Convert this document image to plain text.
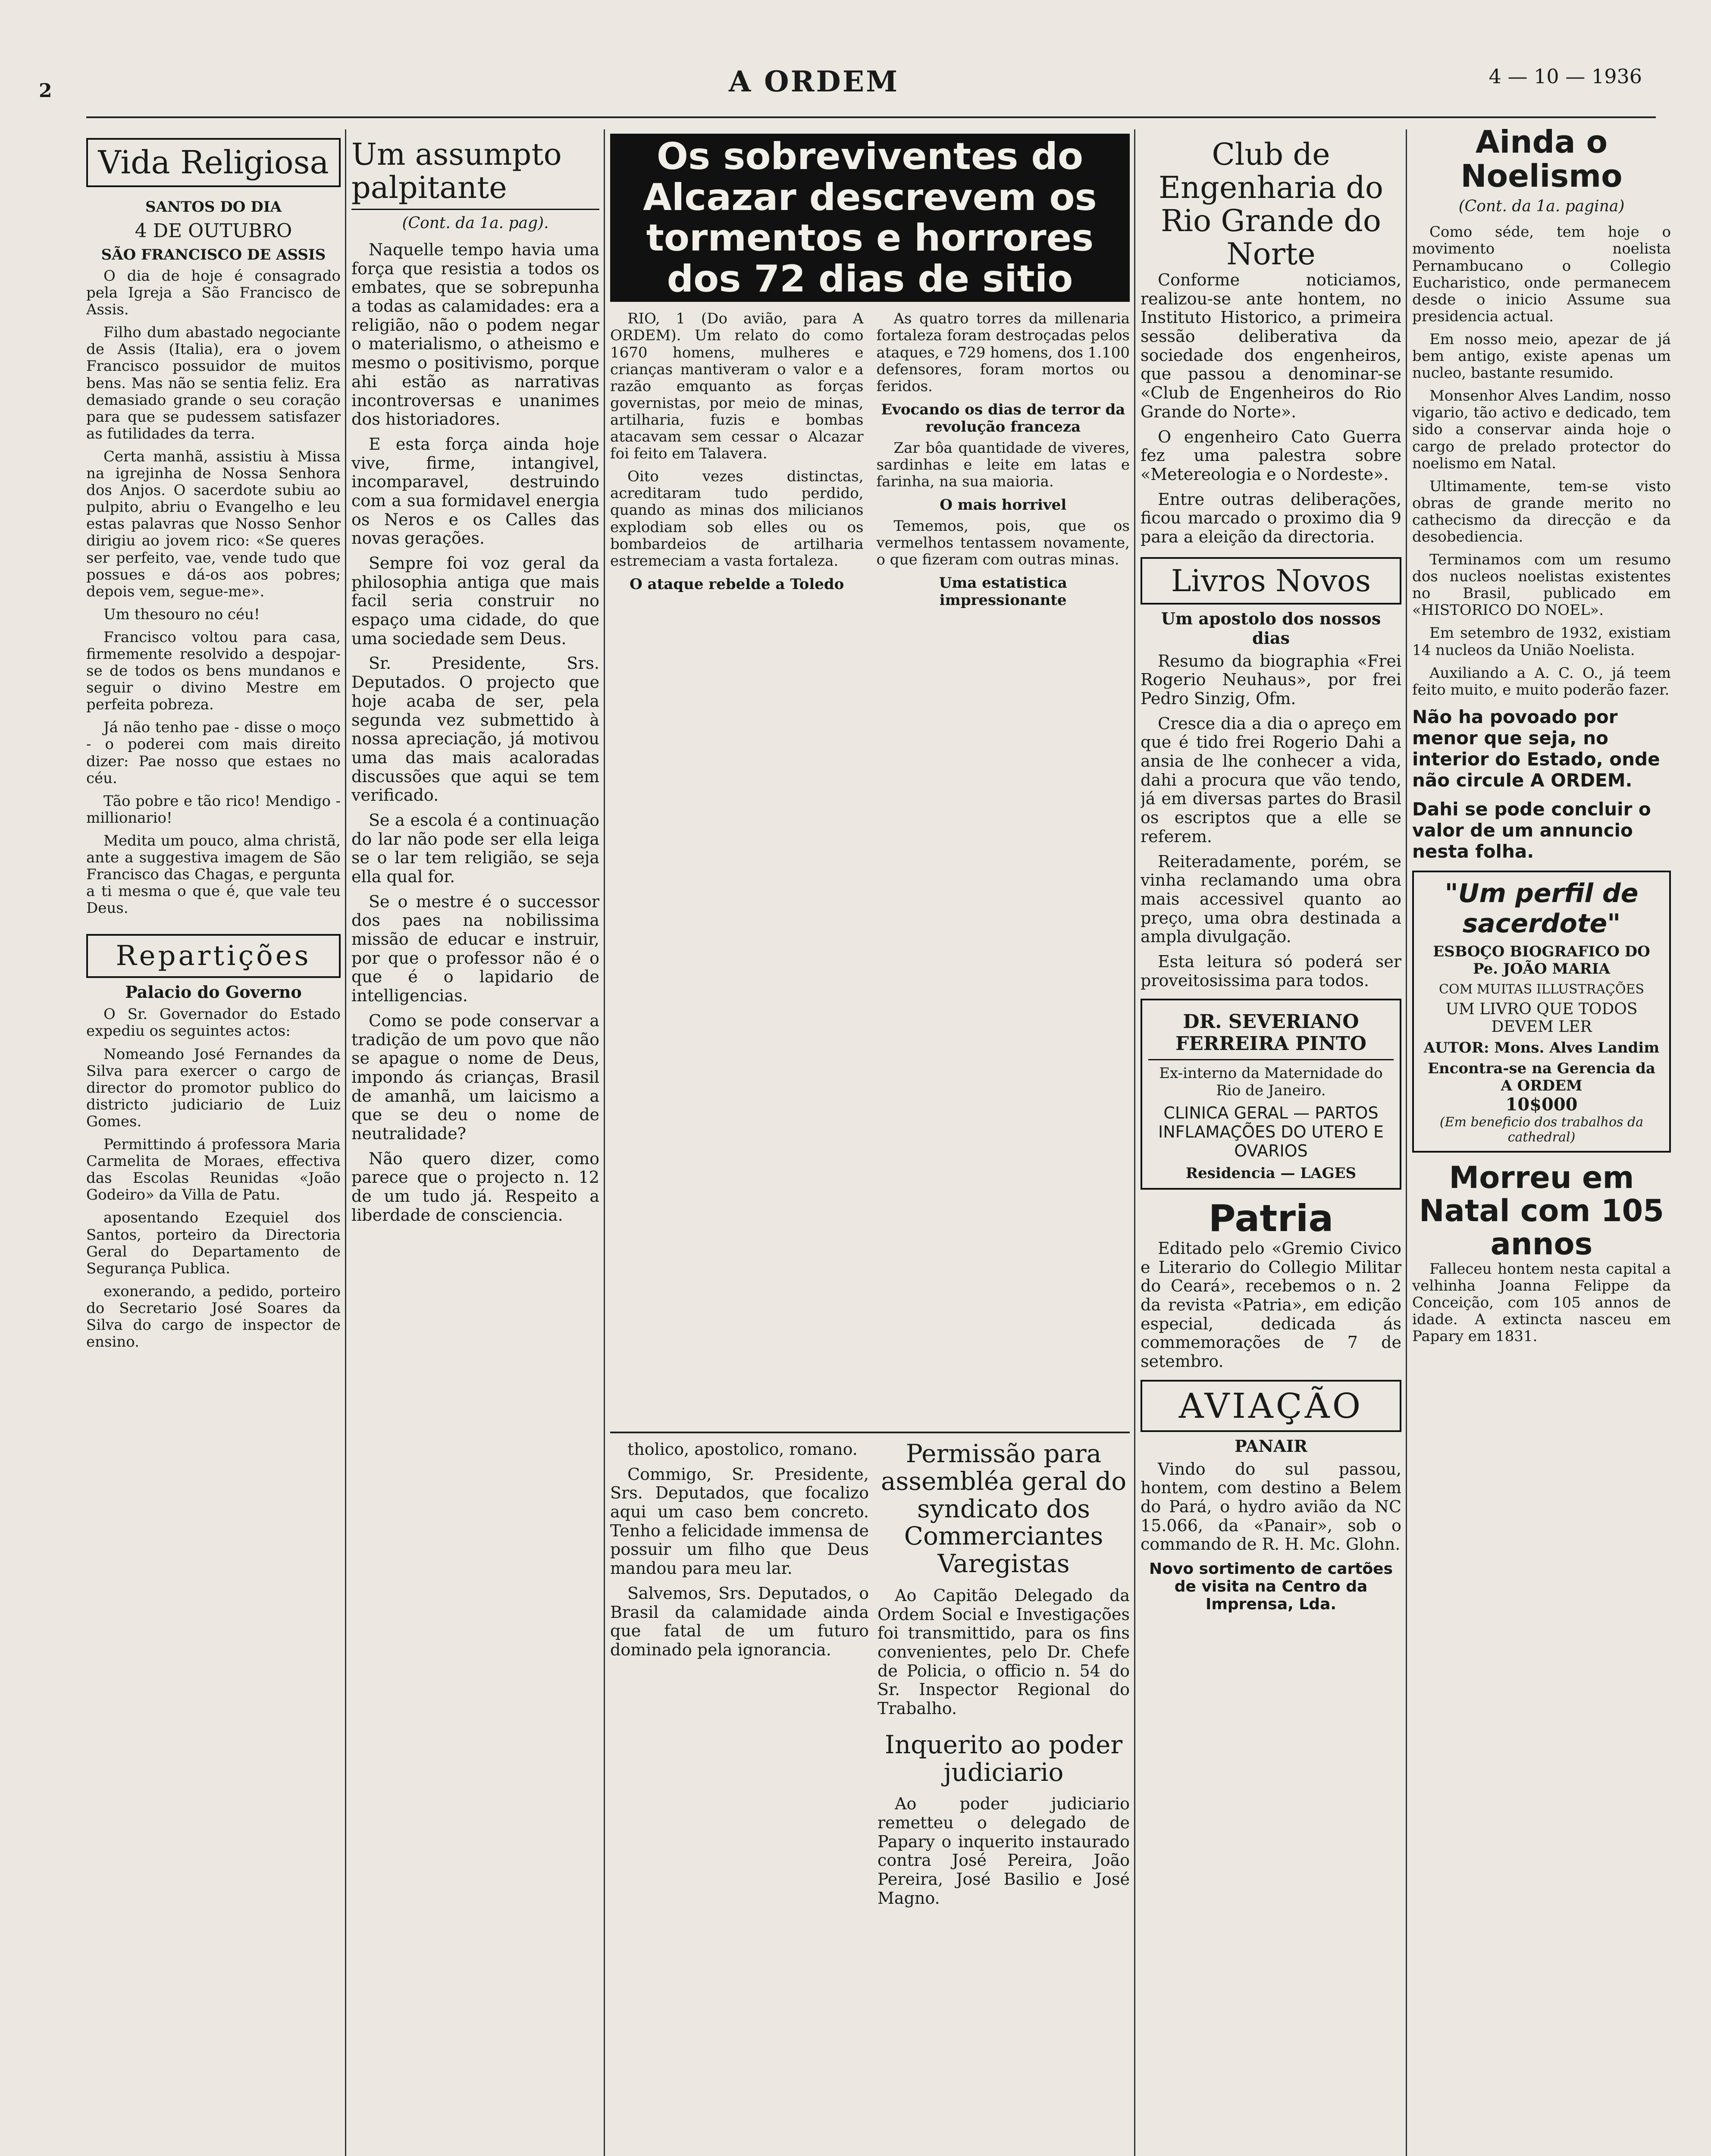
2	A ORDEM	4 — 10 — 1936
Vida Religiosa
SANTOS DO DIA
4 DE OUTUBRO
SÃO FRANCISCO DE ASSIS

O dia de hoje é consagrado pela Igreja a São Francisco de Assis.

Filho dum abastado negociante de Assis (Italia), era o jovem Francisco possuidor de muitos bens. Mas não se sentia feliz. Era demasiado grande o seu coração para que se pudessem satisfazer as futilidades da terra.

Certa manhã, assistiu à Missa na igrejinha de Nossa Senhora dos Anjos. O sacerdote subiu ao pulpito, abriu o Evangelho e leu estas palavras que Nosso Senhor dirigiu ao jovem rico: «Se queres ser perfeito, vae, vende tudo que possues e dá-os aos pobres; depois vem, segue-me».

Um thesouro no céu!

Francisco voltou para casa, firmemente resolvido a despojar-se de todos os bens mundanos e seguir o divino Mestre em perfeita pobreza.

Já não tenho pae - disse o moço - o poderei com mais direito dizer: Pae nosso que estaes no céu.

Tão pobre e tão rico! Mendigo - millionario!

Medita um pouco, alma christã, ante a suggestiva imagem de São Francisco das Chagas, e pergunta a ti mesma o que é, que vale teu Deus.

Repartições
Palacio do Governo

O Sr. Governador do Estado expediu os seguintes actos:

Nomeando José Fernandes da Silva para exercer o cargo de director do promotor publico do districto judiciario de Luiz Gomes.

Permittindo á professora Maria Carmelita de Moraes, effectiva das Escolas Reunidas «João Godeiro» da Villa de Patu.

aposentando Ezequiel dos Santos, porteiro da Directoria Geral do Departamento de Segurança Publica.

exonerando, a pedido, porteiro do Secretario José Soares da Silva do cargo de inspector de ensino.

Um assumpto palpitante
(Cont. da 1a. pag).

Naquelle tempo havia uma força que resistia a todos os embates, que se sobrepunha a todas as calamidades: era a religião, não o podem negar o materialismo, o atheismo e mesmo o positivismo, porque ahi estão as narrativas incontroversas e unanimes dos historiadores.

E esta força ainda hoje vive, firme, intangivel, incomparavel, destruindo com a sua formidavel energia os Neros e os Calles das novas gerações.

Sempre foi voz geral da philosophia antiga que mais facil seria construir no espaço uma cidade, do que uma sociedade sem Deus.

Sr. Presidente, Srs. Deputados. O projecto que hoje acaba de ser, pela segunda vez submettido à nossa apreciação, já motivou uma das mais acaloradas discussões que aqui se tem verificado.

Se a escola é a continuação do lar não pode ser ella leiga se o lar tem religião, se seja ella qual for.

Se o mestre é o successor dos paes na nobilissima missão de educar e instruir, por que o professor não é o que é o lapidario de intelligencias.

Como se pode conservar a tradição de um povo que não se apague o nome de Deus, impondo ás crianças, Brasil de amanhã, um laicismo a que se deu o nome de neutralidade?

Não quero dizer, como parece que o projecto n. 12 de um tudo já. Respeito a liberdade de consciencia.

Os sobreviventes do Alcazar descrevem os tormentos e horrores dos 72 dias de sitio

RIO, 1 (Do avião, para A ORDEM). Um relato do como 1670 homens, mulheres e crianças mantiveram o valor e a razão emquanto as forças governistas, por meio de minas, artilharia, fuzis e bombas atacavam sem cessar o Alcazar foi feito em Talavera.

Oito vezes distinctas, acreditaram tudo perdido, quando as minas dos milicianos explodiam sob elles ou os bombardeios de artilharia estremeciam a vasta fortaleza.

O ataque rebelde a Toledo

As quatro torres da millenaria fortaleza foram destroçadas pelos ataques, e 729 homens, dos 1.100 defensores, foram mortos ou feridos.

Evocando os dias de terror da revolução franceza

Zar bôa quantidade de viveres, sardinhas e leite em latas e farinha, na sua maioria.

O mais horrivel

Tememos, pois, que os vermelhos tentassem novamente, o que fizeram com outras minas.

Uma estatistica impressionante

tholico, apostolico, romano.

Commigo, Sr. Presidente, Srs. Deputados, que focalizo aqui um caso bem concreto. Tenho a felicidade immensa de possuir um filho que Deus mandou para meu lar.

Salvemos, Srs. Deputados, o Brasil da calamidade ainda que fatal de um futuro dominado pela ignorancia.

Permissão para assembléa geral do syndicato dos Commerciantes Varegistas

Ao Capitão Delegado da Ordem Social e Investigações foi transmittido, para os fins convenientes, pelo Dr. Chefe de Policia, o officio n. 54 do Sr. Inspector Regional do Trabalho.

Inquerito ao poder judiciario

Ao poder judiciario remetteu o delegado de Papary o inquerito instaurado contra José Pereira, João Pereira, José Basilio e José Magno.

Club de Engenharia do Rio Grande do Norte

Conforme noticiamos, realizou-se ante hontem, no Instituto Historico, a primeira sessão deliberativa da sociedade dos engenheiros, que passou a denominar-se «Club de Engenheiros do Rio Grande do Norte».

O engenheiro Cato Guerra fez uma palestra sobre «Metereologia e o Nordeste».

Entre outras deliberações, ficou marcado o proximo dia 9 para a eleição da directoria.

Livros Novos
Um apostolo dos nossos dias

Resumo da biographia «Frei Rogerio Neuhaus», por frei Pedro Sinzig, Ofm.

Cresce dia a dia o apreço em que é tido frei Rogerio Dahi a ansia de lhe conhecer a vida, dahi a procura que vão tendo, já em diversas partes do Brasil os escriptos que a elle se referem.

Reiteradamente, porém, se vinha reclamando uma obra mais accessivel quanto ao preço, uma obra destinada a ampla divulgação.

Esta leitura só poderá ser proveitosissima para todos.

DR. SEVERIANO FERREIRA PINTO
Ex-interno da Maternidade do Rio de Janeiro.
CLINICA GERAL — PARTOS INFLAMAÇÕES DO UTERO E OVARIOS
Residencia — LAGES
Patria

Editado pelo «Gremio Civico e Literario do Collegio Militar do Ceará», recebemos o n. 2 da revista «Patria», em edição especial, dedicada ás commemorações de 7 de setembro.

AVIAÇÃO
PANAIR

Vindo do sul passou, hontem, com destino a Belem do Pará, o hydro avião da NC 15.066, da «Panair», sob o commando de R. H. Mc. Glohn.

Novo sortimento de cartões de visita na Centro da Imprensa, Lda.
Ainda o Noelismo
(Cont. da 1a. pagina)

Como séde, tem hoje o movimento noelista Pernambucano o Collegio Eucharistico, onde permanecem desde o inicio Assume sua presidencia actual.

Em nosso meio, apezar de já bem antigo, existe apenas um nucleo, bastante resumido.

Monsenhor Alves Landim, nosso vigario, tão activo e dedicado, tem sido a conservar ainda hoje o cargo de prelado protector do noelismo em Natal.

Ultimamente, tem-se visto obras de grande merito no cathecismo da direcção e da desobediencia.

Terminamos com um resumo dos nucleos noelistas existentes no Brasil, publicado em «HISTORICO DO NOEL».

Em setembro de 1932, existiam 14 nucleos da União Noelista.

Auxiliando a A. C. O., já teem feito muito, e muito poderão fazer.

Não ha povoado por menor que seja, no interior do Estado, onde não circule A ORDEM.
Dahi se pode concluir o valor de um annuncio nesta folha.
"Um perfil de sacerdote"
ESBOÇO BIOGRAFICO DO Pe. JOÃO MARIA
COM MUITAS ILLUSTRAÇÕES
UM LIVRO QUE TODOS DEVEM LER
AUTOR: Mons. Alves Landim
Encontra-se na Gerencia da A ORDEM
10$000
(Em beneficio dos trabalhos da cathedral)
Morreu em Natal com 105 annos

Falleceu hontem nesta capital a velhinha Joanna Felippe da Conceição, com 105 annos de idade. A extincta nasceu em Papary em 1831.
